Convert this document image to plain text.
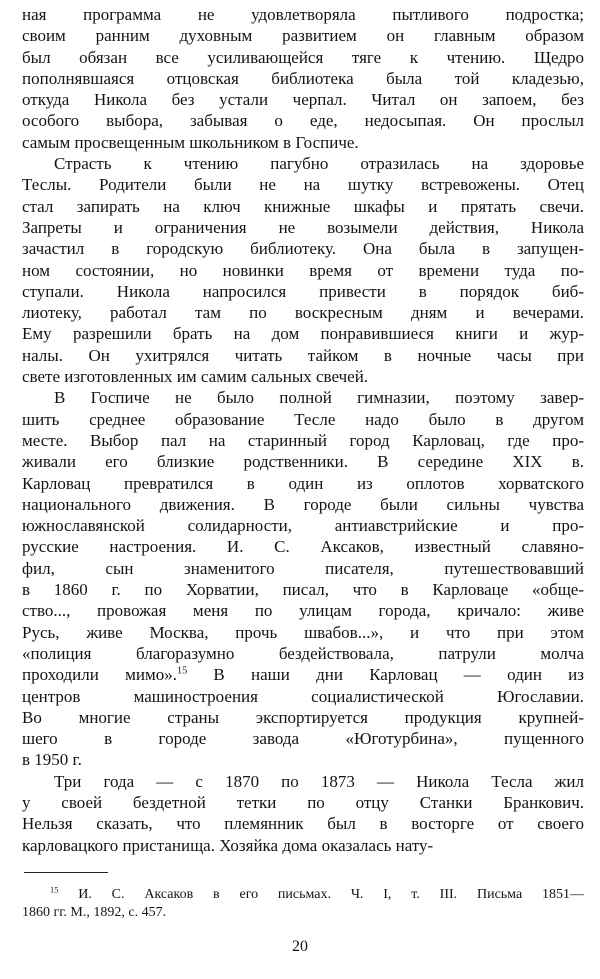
ная программа не удовлетворяла пытливого подростка;
своим ранним духовным развитием он главным образом
был обязан все усиливающейся тяге к чтению. Щедро
пополнявшаяся отцовская библиотека была той кладезью,
откуда Никола без устали черпал. Читал он запоем, без
особого выбора, забывая о еде, недосыпая. Он прослыл
самым просвещенным школьником в Госпиче.
Страсть к чтению пагубно отразилась на здоровье
Теслы. Родители были не на шутку встревожены. Отец
стал запирать на ключ книжные шкафы и прятать свечи.
Запреты и ограничения не возымели действия, Никола
зачастил в городскую библиотеку. Она была в запущен-
ном состоянии, но новинки время от времени туда по-
ступали. Никола напросился привести в порядок биб-
лиотеку, работал там по воскресным дням и вечерами.
Ему разрешили брать на дом понравившиеся книги и жур-
налы. Он ухитрялся читать тайком в ночные часы при
свете изготовленных им самим сальных свечей.
В Госпиче не было полной гимназии, поэтому завер-
шить среднее образование Тесле надо было в другом
месте. Выбор пал на старинный город Карловац, где про-
живали его близкие родственники. В середине XIX в.
Карловац превратился в один из оплотов хорватского
национального движения. В городе были сильны чувства
южнославянской солидарности, антиавстрийские и про-
русские настроения. И. С. Аксаков, известный славяно-
фил, сын знаменитого писателя, путешествовавший
в 1860 г. по Хорватии, писал, что в Карловаце «обще-
ство..., провожая меня по улицам города, кричало: живе
Русь, живе Москва, прочь швабов...», и что при этом
«полиция благоразумно бездействовала, патрули молча
проходили мимо».$^{15}$ В наши дни Карловац — один из
центров машиностроения социалистической Югославии.
Во многие страны экспортируется продукция крупней-
шего в городе завода «Юготурбина», пущенного
в 1950 г.
Три года — с 1870 по 1873 — Никола Тесла жил
у своей бездетной тетки по отцу Станки Бранкович.
Нельзя сказать, что племянник был в восторге от своего
карловацкого пристанища. Хозяйка дома оказалась нату-
$^{15}$ И. С. Аксаков в его письмах. Ч. I, т. III. Письма 1851—
1860 гг. М., 1892, с. 457.
20
